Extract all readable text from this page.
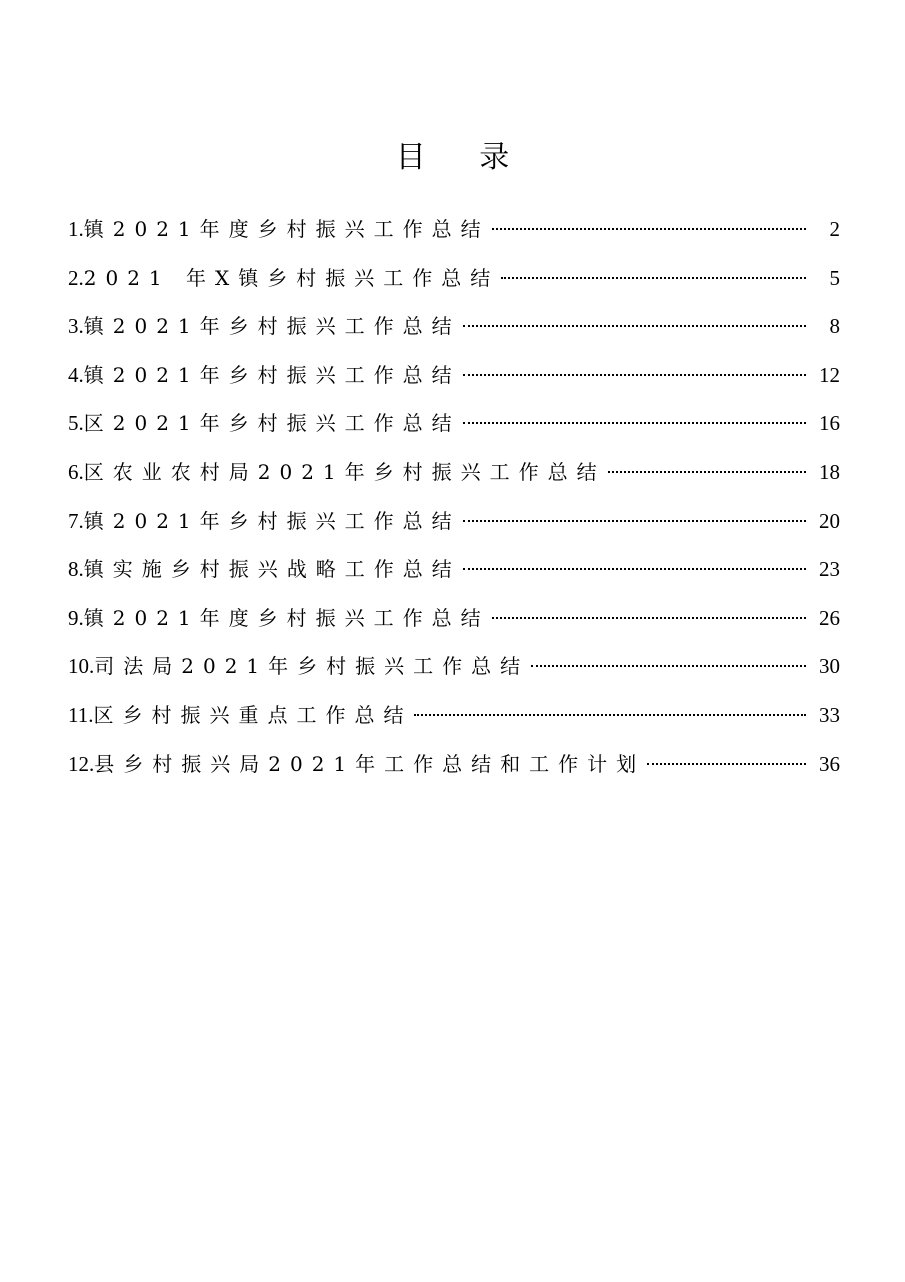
目 录
1. 镇2021年度乡村振兴工作总结	2
2. 2021 年X镇乡村振兴工作总结	5
3. 镇2021年乡村振兴工作总结	8
4. 镇2021年乡村振兴工作总结	12
5. 区2021年乡村振兴工作总结	16
6. 区农业农村局2021年乡村振兴工作总结	18
7. 镇2021年乡村振兴工作总结	20
8. 镇实施乡村振兴战略工作总结	23
9. 镇2021年度乡村振兴工作总结	26
10. 司法局2021年乡村振兴工作总结	30
11. 区乡村振兴重点工作总结	33
12. 县乡村振兴局2021年工作总结和工作计划	36
